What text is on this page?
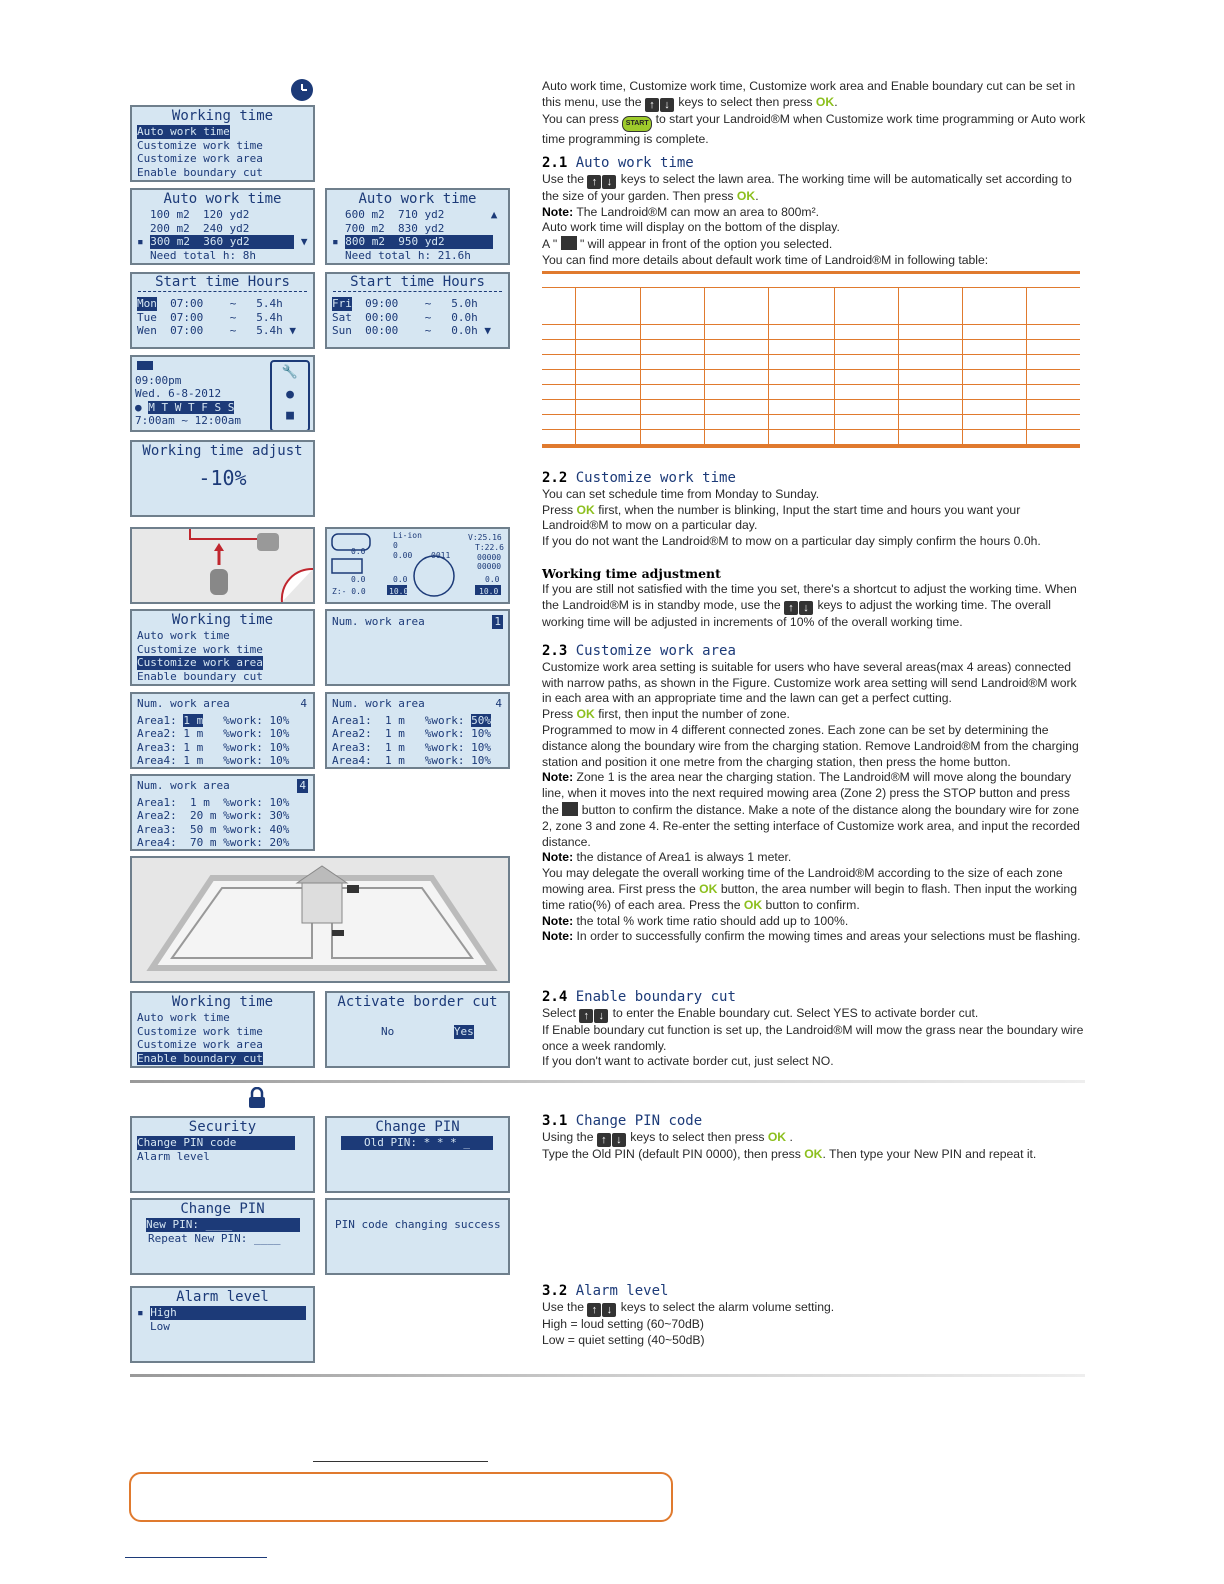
Working time
Auto work time
Customize work time
Customize work area
Enable boundary cut
Auto work time
100 m2  120 yd2
200 m2  240 yd2
▪ 300 m2  360 yd2	▼
Need total h: 8h
Auto work time
600 m2  710 yd2       ▲
700 m2  830 yd2
▪ 800 m2  950 yd2
Need total h: 21.6h
Start time Hours
Mon 07:00 ~ 5.4h
Tue 07:00 ~ 5.4h
Wen 07:00 ~ 5.4h ▼
Start time Hours
Fri 09:00 ~ 5.0h
Sat 00:00 ~ 0.0h
Sun 00:00 ~ 0.0h ▼
09:00pm
Wed. 6-8-2012
● M T W T F S S
7:00am ~ 12:00am
🔧
●
■
Working time adjust
-10%
Li-ion	V:25.16
T:22.6
0
0.00 0011	00000
00000
0.0
0.0	0.0	0.0
Z:- 0.0	10.0	10.0
Working time
Auto work time
Customize work time
Customize work area
Enable boundary cut
Num. work area	1
Num. work area	4
Area1: 1 m %work: 10%
Area2: 1 m %work: 10%
Area3: 1 m %work: 10%
Area4: 1 m %work: 10%
Num. work area	4
Area1: 1 m %work: 50%
Area2: 1 m %work: 10%
Area3: 1 m %work: 10%
Area4: 1 m %work: 10%
Num. work area	4
Area1: 1 m %work: 10%
Area2: 20 m %work: 30%
Area3: 50 m %work: 40%
Area4: 70 m %work: 20%
Working time
Auto work time
Customize work time
Customize work area
Enable boundary cut
Activate border cut
No	Yes
Security
Change PIN code
Alarm level
Change PIN
Old PIN: * * * _
Change PIN
New PIN: ____
Repeat New PIN: ____
PIN code changing success
Alarm level
▪ High
Low

Auto work time, Customize work time, Customize work area and Enable boundary cut can be set in this menu, use the ↑ ↓ keys to select then press OK.

You can press START to start your Landroid®M when Customize work time programming or Auto work time programming is complete.

2.1 Auto work time

Use the ↑ ↓ keys to select the lawn area. The working time will be automatically set according to the size of your garden. Then press OK.

Note: The Landroid®M can mow an area to 800m².

Auto work time will display on the bottom of the display.

A " " will appear in front of the option you selected.

You can find more details about default work time of Landroid®M in following table:

2.2 Customize work time

You can set schedule time from Monday to Sunday.

Press OK first, when the number is blinking, Input the start time and hours you want your Landroid®M to mow on a particular day.

If you do not want the Landroid®M to mow on a particular day simply confirm the hours 0.0h.

Working time adjustment

If you are still not satisfied with the time you set, there's a shortcut to adjust the working time. When the Landroid®M is in standby mode, use the ↑ ↓ keys to adjust the working time. The overall working time will be adjusted in increments of 10% of the overall working time.

2.3 Customize work area

Customize work area setting is suitable for users who have several areas(max 4 areas) connected with narrow paths, as shown in the Figure. Customize work area setting will send Landroid®M work in each area with an appropriate time and the lawn can get a perfect cutting.

Press OK first, then input the number of zone.

Programmed to mow in 4 different connected zones. Each zone can be set by determining the distance along the boundary wire from the charging station. Remove Landroid®M from the charging station and position it one metre from the charging station, then press the home button.

Note: Zone 1 is the area near the charging station. The Landroid®M will move along the boundary line, when it moves into the next required mowing area (Zone 2) press the STOP button and press the button to confirm the distance. Make a note of the distance along the boundary wire for zone 2, zone 3 and zone 4. Re-enter the setting interface of Customize work area, and input the recorded distance.

Note: the distance of Area1 is always 1 meter.

You may delegate the overall working time of the Landroid®M according to the size of each zone mowing area. First press the OK button, the area number will begin to flash. Then input the working time ratio(%) of each area. Press the OK button to confirm.

Note: the total % work time ratio should add up to 100%.

Note: In order to successfully confirm the mowing times and areas your selections must be flashing.

2.4 Enable boundary cut

Select ↑ ↓ to enter the Enable boundary cut. Select YES to activate border cut.

If Enable boundary cut function is set up, the Landroid®M will mow the grass near the boundary wire once a week randomly.

If you don't want to activate border cut, just select NO.

3.1 Change PIN code

Using the ↑ ↓ keys to select then press OK .

Type the Old PIN (default PIN 0000), then press OK. Then type your New PIN and repeat it.

3.2 Alarm level

Use the ↑ ↓ keys to select the alarm volume setting.

High = loud setting (60~70dB)

Low = quiet setting (40~50dB)
